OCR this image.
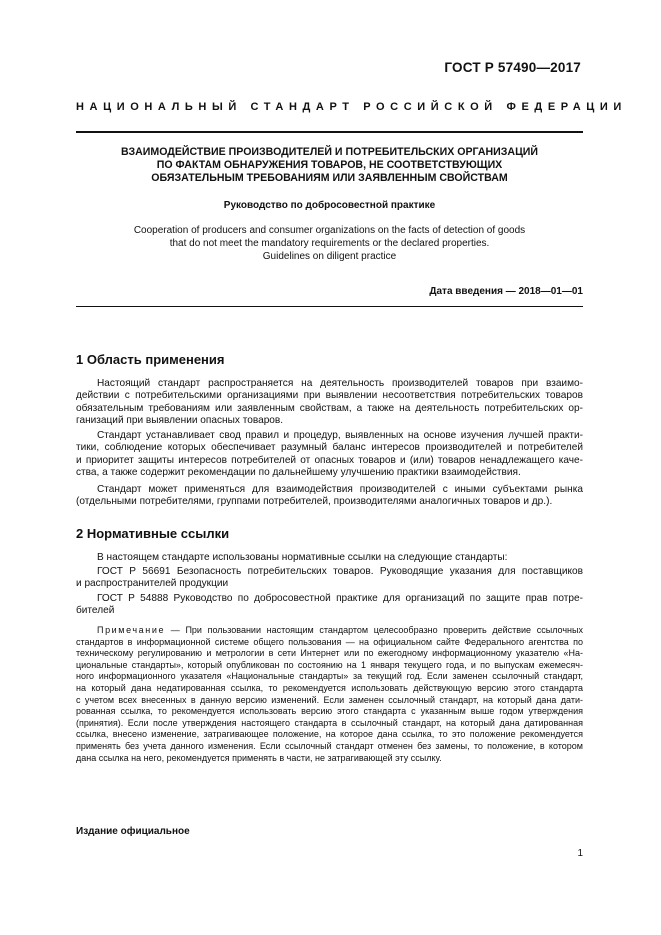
ГОСТ Р 57490—2017
НАЦИОНАЛЬНЫЙ СТАНДАРТ РОССИЙСКОЙ ФЕДЕРАЦИИ
ВЗАИМОДЕЙСТВИЕ ПРОИЗВОДИТЕЛЕЙ И ПОТРЕБИТЕЛЬСКИХ ОРГАНИЗАЦИЙ
ПО ФАКТАМ ОБНАРУЖЕНИЯ ТОВАРОВ, НЕ СООТВЕТСТВУЮЩИХ
ОБЯЗАТЕЛЬНЫМ ТРЕБОВАНИЯМ ИЛИ ЗАЯВЛЕННЫМ СВОЙСТВАМ
Руководство по добросовестной практике
Cooperation of producers and consumer organizations on the facts of detection of goods
that do not meet the mandatory requirements or the declared properties.
Guidelines on diligent practice
Дата введения — 2018—01—01
1 Область применения
Настоящий стандарт распространяется на деятельность производителей товаров при взаимо-
действии с потребительскими организациями при выявлении несоответствия потребительских товаров
обязательным требованиям или заявленным свойствам, а также на деятельность потребительских ор-
ганизаций при выявлении опасных товаров.
Стандарт устанавливает свод правил и процедур, выявленных на основе изучения лучшей практи-
тики, соблюдение которых обеспечивает разумный баланс интересов производителей и потребителей
и приоритет защиты интересов потребителей от опасных товаров и (или) товаров ненадлежащего каче-
ства, а также содержит рекомендации по дальнейшему улучшению практики взаимодействия.
Стандарт может применяться для взаимодействия производителей с иными субъектами рынка
(отдельными потребителями, группами потребителей, производителями аналогичных товаров и др.).
2 Нормативные ссылки
В настоящем стандарте использованы нормативные ссылки на следующие стандарты:
ГОСТ Р 56691 Безопасность потребительских товаров. Руководящие указания для поставщиков
и распространителей продукции
ГОСТ Р 54888 Руководство по добросовестной практике для организаций по защите прав потре-
бителей
Примечание — При пользовании настоящим стандартом целесообразно проверить действие ссылочных
стандартов в информационной системе общего пользования — на официальном сайте Федерального агентства по
техническому регулированию и метрологии в сети Интернет или по ежегодному информационному указателю «На-
циональные стандарты», который опубликован по состоянию на 1 января текущего года, и по выпускам ежемесяч-
ного информационного указателя «Национальные стандарты» за текущий год. Если заменен ссылочный стандарт,
на который дана недатированная ссылка, то рекомендуется использовать действующую версию этого стандарта
с учетом всех внесенных в данную версию изменений. Если заменен ссылочный стандарт, на который дана дати-
рованная ссылка, то рекомендуется использовать версию этого стандарта с указанным выше годом утверждения
(принятия). Если после утверждения настоящего стандарта в ссылочный стандарт, на который дана датированная
ссылка, внесено изменение, затрагивающее положение, на которое дана ссылка, то это положение рекомендуется
применять без учета данного изменения. Если ссылочный стандарт отменен без замены, то положение, в котором
дана ссылка на него, рекомендуется применять в части, не затрагивающей эту ссылку.
Издание официальное
1
